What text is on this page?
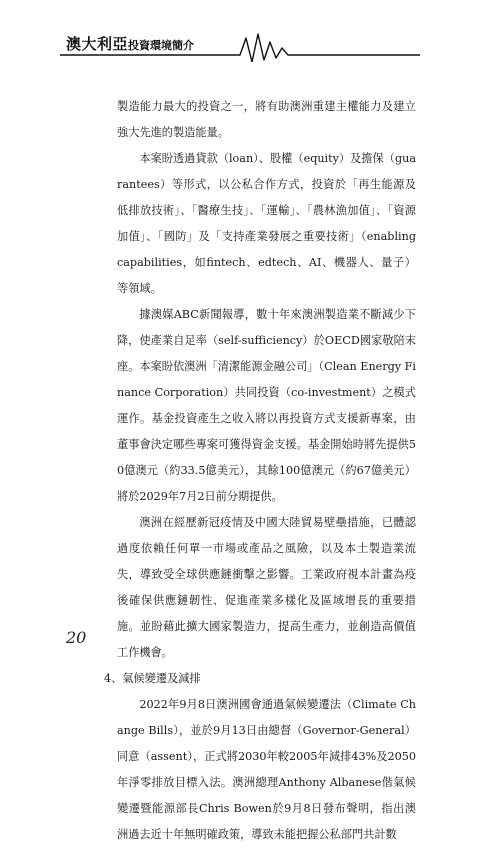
澳大利亞投資環境簡介

製造能力最大的投資之一，將有助澳洲重建主權能力及建立強大先進的製造能量。

本案盼透過貸款（loan）、股權（equity）及擔保（guarantees）等形式，以公私合作方式，投資於「再生能源及低排放技術」、「醫療生技」、「運輸」、「農林漁加值」、「資源加值」、「國防」及「支持產業發展之重要技術」（enabling capabilities，如fintech、edtech、AI、機器人、量子）等領域。

據澳媒ABC新聞報導，數十年來澳洲製造業不斷減少下降，使產業自足率（self-sufficiency）於OECD國家敬陪末座。本案盼依澳洲「清潔能源金融公司」（Clean Energy Finance Corporation）共同投資（co-investment）之模式運作。基金投資產生之收入將以再投資方式支援新專案，由董事會決定哪些專案可獲得資金支援。基金開始時將先提供50億澳元（約33.5億美元），其餘100億澳元（約67億美元）將於2029年7月2日前分期提供。

澳洲在經歷新冠疫情及中國大陸貿易壁壘措施，已體認過度依賴任何單一市場或產品之風險，以及本土製造業流失，導致受全球供應鏈衝擊之影響。工業政府視本計畫為疫後確保供應鏈韌性、促進產業多樣化及區域增長的重要措施。並盼藉此擴大國家製造力，提高生產力，並創造高價值工作機會。

4、氣候變遷及減排

2022年9月8日澳洲國會通過氣候變遷法（Climate Change Bills），並於9月13日由總督（Governor-General）同意（assent），正式將2030年較2005年減排43%及2050年淨零排放目標入法。澳洲總理Anthony Albanese偕氣候變遷暨能源部長Chris Bowen於9月8日發布聲明，指出澳洲過去近十年無明確政策，導致未能把握公私部門共計數

20
